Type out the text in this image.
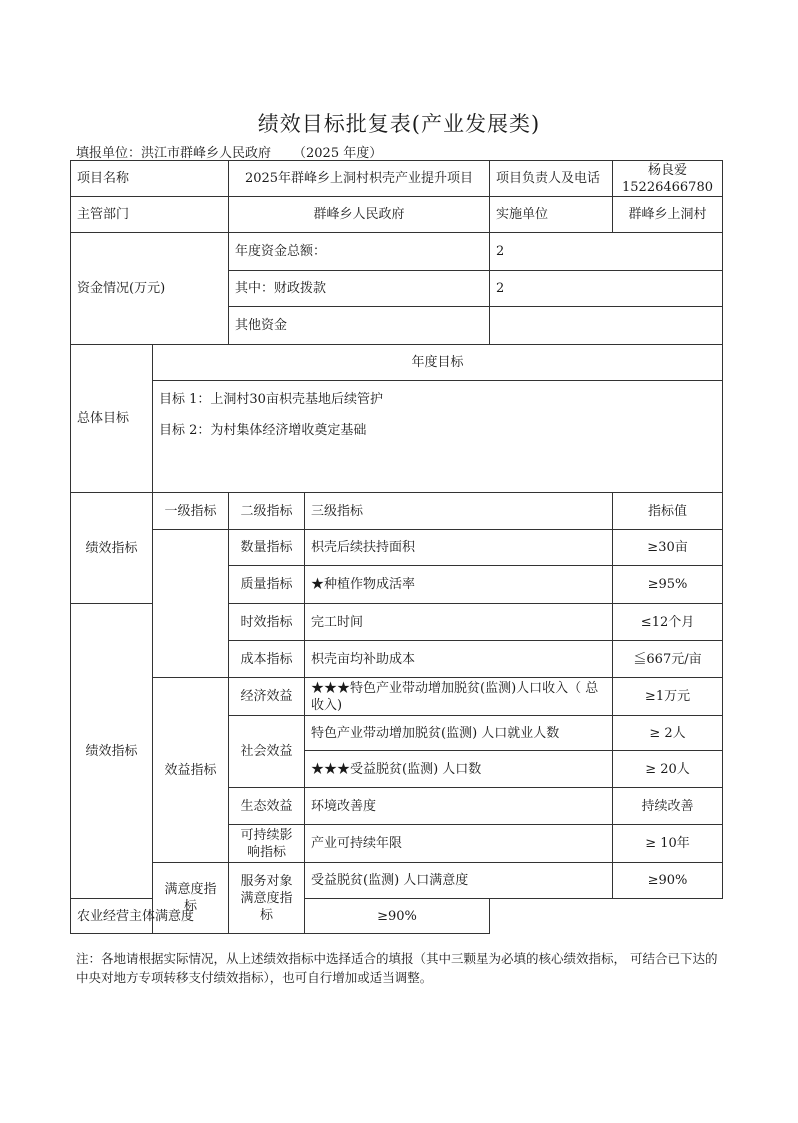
绩效目标批复表(产业发展类)
填报单位：洪江市群峰乡人民政府 （2025 年度）
项目名称		2025年群峰乡上洞村枳壳产业提升项目		项目负责人及电话	杨良爱
15226466780

主管部门		群峰乡人民政府		实施单位	群峰乡上洞村
资金情况(万元)		年度资金总额：		2	
		其中：财政拨款		2	
		其他资金			
总体目标	年度目标				

	目标 1：上洞村30亩枳壳基地后续管护
目标 2：为村集体经济增收奠定基础				

绩效指标	一级指标	二级指标	三级指标		指标值
		数量指标	枳壳后续扶持面积		≥30亩
		质量指标	★种植作物成活率		≥95%
绩效指标		时效指标	完工时间		≤12个月
		成本指标	枳壳亩均补助成本		≦667元/亩
	效益指标	经济效益	★★★特色产业带动增加脱贫(监测)人口收入（ 总收入)		≥1万元
		社会效益	特色产业带动增加脱贫(监测) 人口就业人数		≥ 2人
			★★★受益脱贫(监测) 人口数		≥ 20人
		生态效益	环境改善度		持续改善
		可持续影响指标	产业可持续年限		≥ 10年
	满意度指标	服务对象满意度指标	受益脱贫(监测) 人口满意度		≥90%
农业经营主体满意度			≥90%		
注：各地请根据实际情况，从上述绩效指标中选择适合的填报（其中三颗星为必填的核心绩效指标， 可结合已下达的中央对地方专项转移支付绩效指标），也可自行增加或适当调整。
